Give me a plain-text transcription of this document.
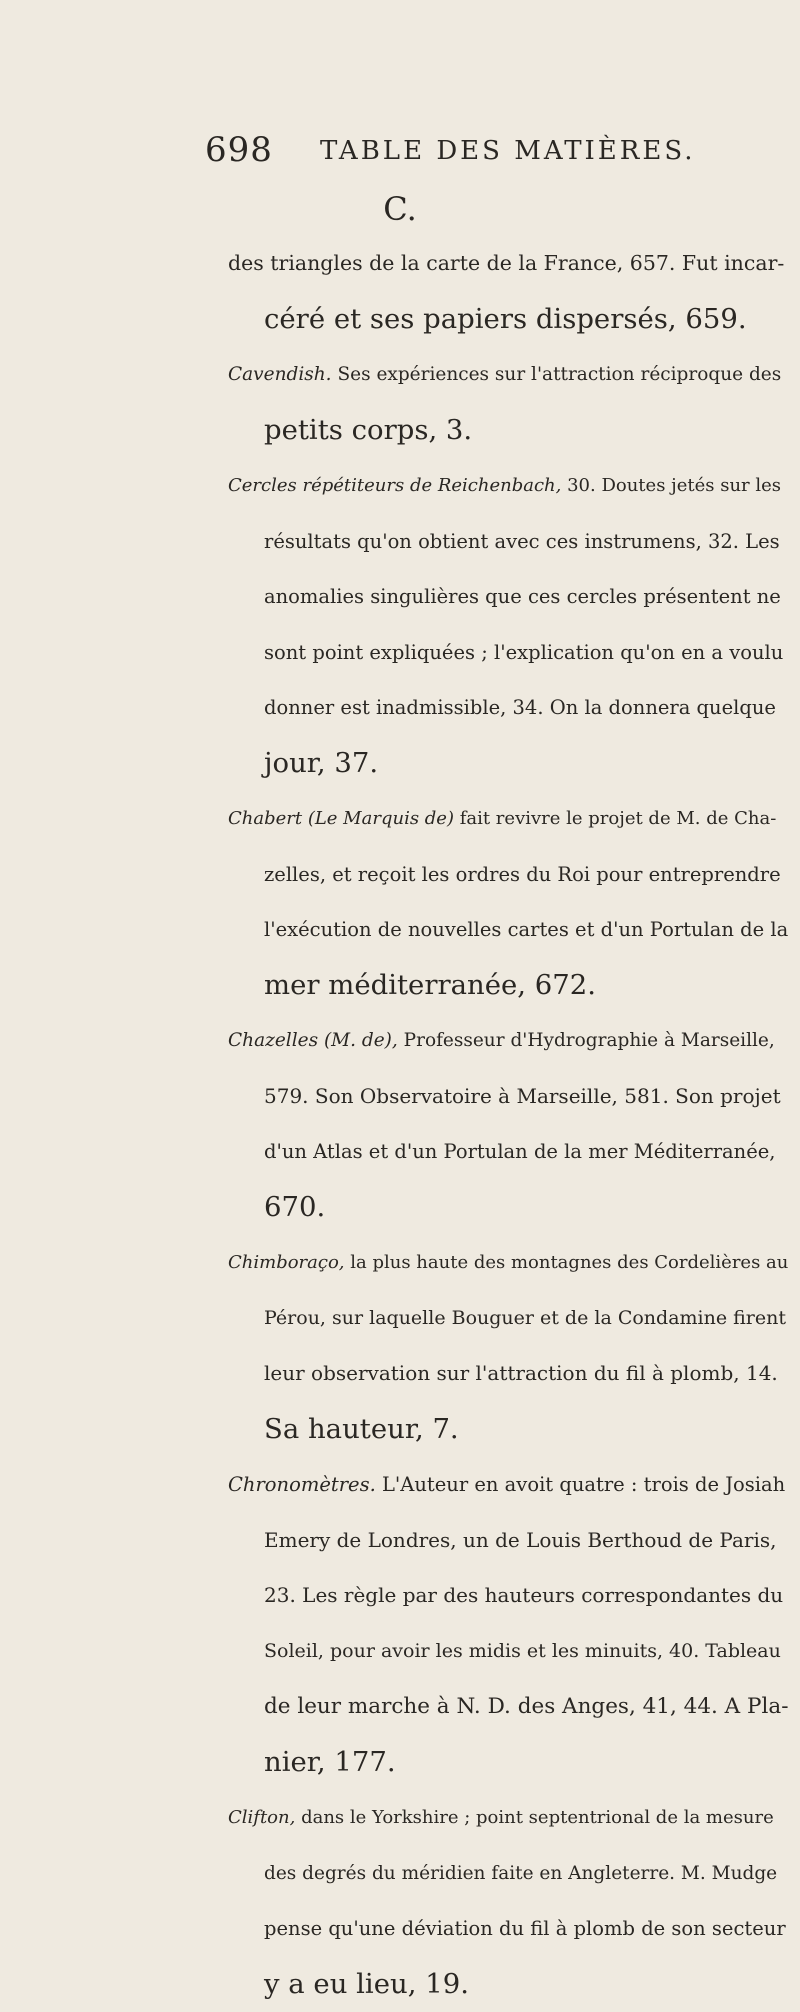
698 TABLE DES MATIÈRES.
C.
des triangles de la carte de la France, 657. Fut incar-
céré et ses papiers dispersés, 659.
Cavendish. Ses expériences sur l'attraction réciproque des
petits corps, 3.
Cercles répétiteurs de Reichenbach, 30. Doutes jetés sur les
résultats qu'on obtient avec ces instrumens, 32. Les
anomalies singulières que ces cercles présentent ne
sont point expliquées ; l'explication qu'on en a voulu
donner est inadmissible, 34. On la donnera quelque
jour, 37.
Chabert (Le Marquis de) fait revivre le projet de M. de Cha-
zelles, et reçoit les ordres du Roi pour entreprendre
l'exécution de nouvelles cartes et d'un Portulan de la
mer méditerranée, 672.
Chazelles (M. de), Professeur d'Hydrographie à Marseille,
579. Son Observatoire à Marseille, 581. Son projet
d'un Atlas et d'un Portulan de la mer Méditerranée,
670.
Chimboraço, la plus haute des montagnes des Cordelières au
Pérou, sur laquelle Bouguer et de la Condamine firent
leur observation sur l'attraction du fil à plomb, 14.
Sa hauteur, 7.
Chronomètres. L'Auteur en avoit quatre : trois de Josiah
Emery de Londres, un de Louis Berthoud de Paris,
23. Les règle par des hauteurs correspondantes du
Soleil, pour avoir les midis et les minuits, 40. Tableau
de leur marche à N. D. des Anges, 41, 44. A Pla-
nier, 177.
Clifton, dans le Yorkshire ; point septentrional de la mesure
des degrés du méridien faite en Angleterre. M. Mudge
pense qu'une déviation du fil à plomb de son secteur
y a eu lieu, 19.
